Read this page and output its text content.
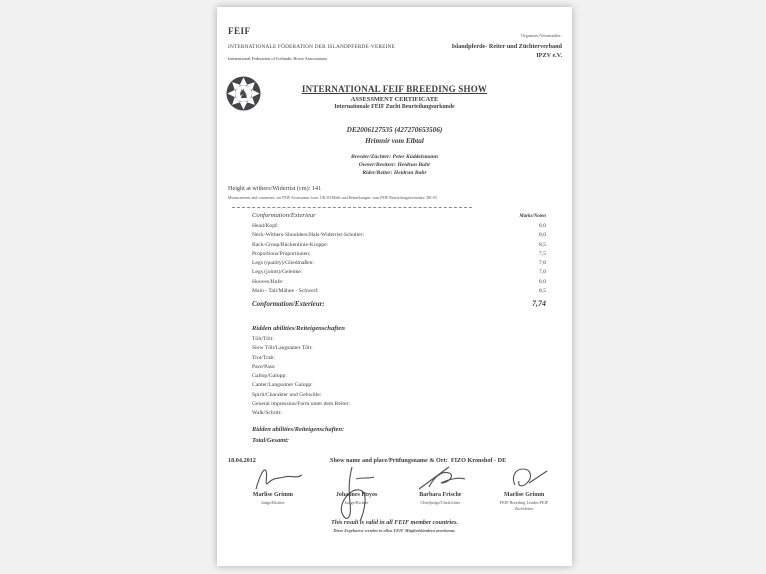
FEIF
INTERNATIONALE FÖDERATION DER ISLANDPFERDE-VEREINE
International Federation of Icelandic Horse Associations
Organizer/Veranstalter:
Islandpferde- Reiter und Züchterverband
IPZV e.V.
♞	INTERNATIONAL FEIF BREEDING SHOW
ASSESSMENT CERTIFICATE
Internationale FEIF Zucht Beurteilungsurkunde
DE2006127535 (427270653506)
Hrimnir vom Elbtal
Breeder/Züchter: Peter Küddelsmann
Owner/Besitzer: Heidrun Bahr
Rider/Reiter: Heidrun Bahr
Height at withers/Widerrist (cm): 141
Measurements and comments: see FEIF Assessment form: UK-03/Maße und Bemerkungen: vom FEIF Beurteilungsformulare: DE-03
Conformation/Exterieur	Marks/Noten
Head/Kopf:	8,0
Neck-Withers-Shoulders/Hals-Widerrist-Schulter:	8,0
Back-Croup/Rückenlinie-Kruppe:	8,5
Proportions/Proportionen:	7,5
Legs (quality)/Gliedmaßen:	7,0
Legs (joints)/Gelenke:	7,0
Hooves/Hufe:	8,0
Main - Tail/Mähne - Schweif:	8,5
Conformation/Exterieur:	7,74
Ridden abilities/Reiteigenschaften
Tölt/Tölt:
Slow Tölt/Langsamer Tölt:
Trot/Trab:
Pace/Pass:
Gallop/Galopp:
Canter/Langsamer Galopp:
Spirit/Charakter und Gehwille:
General impression/Form unter dem Reiter:
Walk/Schritt:
Ridden abilities/Reiteigenschaften:
Total/Gesamt:
18.04.2012	Show name and place/Prüfungsname & Ort: FIZO Kronshof - DE
Marlise Grimm
Judge/Richter
Johannes Hoyos
Judge/Richter
Barbara Frische
Chiefjudge/Chefrichter
Marlise Grimm
FEIF Breeding Leader/FEIF Zuchtleiter
This result is valid in all FEIF member countries.
Diese Ergebnisse werden in allen FEIF Mitgliedsländern anerkannt.
